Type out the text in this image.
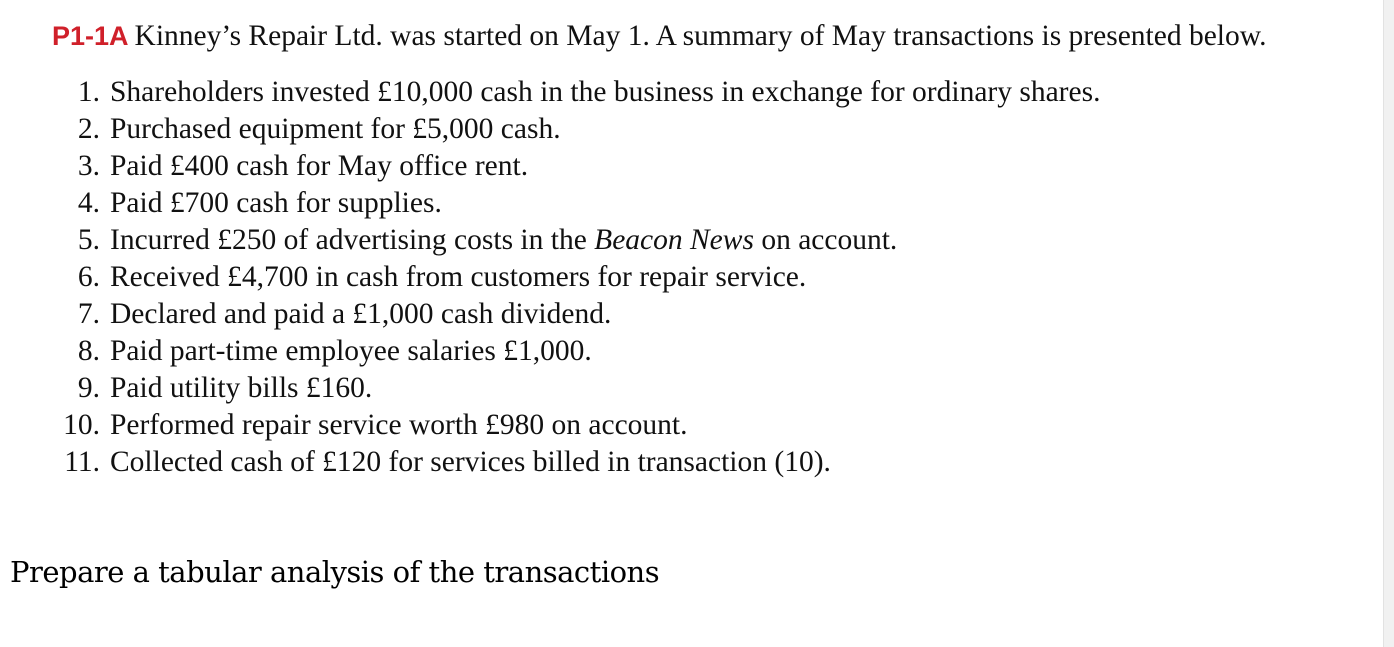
P1-1A Kinney’s Repair Ltd. was started on May 1. A summary of May transactions is presented below.

1. Shareholders invested £10,000 cash in the business in exchange for ordinary shares.
2. Purchased equipment for £5,000 cash.
3. Paid £400 cash for May office rent.
4. Paid £700 cash for supplies.
5. Incurred £250 of advertising costs in the Beacon News on account.
6. Received £4,700 in cash from customers for repair service.
7. Declared and paid a £1,000 cash dividend.
8. Paid part-time employee salaries £1,000.
9. Paid utility bills £160.
10. Performed repair service worth £980 on account.
11. Collected cash of £120 for services billed in transaction (10).

Prepare a tabular analysis of the transactions
